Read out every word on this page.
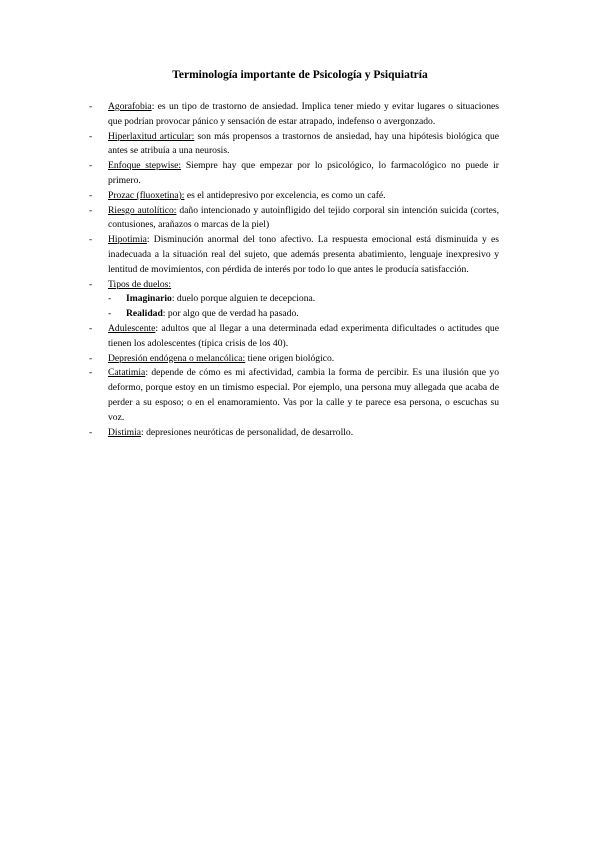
Terminología importante de Psicología y Psiquiatría
- Agorafobia: es un tipo de trastorno de ansiedad. Implica tener miedo y evitar lugares o situaciones que podrían provocar pánico y sensación de estar atrapado, indefenso o avergonzado.
- Hiperlaxitud articular: son más propensos a trastornos de ansiedad, hay una hipótesis biológica que antes se atribuía a una neurosis.
- Enfoque stepwise: Siempre hay que empezar por lo psicológico, lo farmacológico no puede ir primero.
- Prozac (fluoxetina): es el antidepresivo por excelencia, es como un café.
- Riesgo autolítico: daño intencionado y autoinfligido del tejido corporal sin intención suicida (cortes, contusiones, arañazos o marcas de la piel)
- Hipotimia: Disminución anormal del tono afectivo. La respuesta emocional está disminuida y es inadecuada a la situación real del sujeto, que además presenta abatimiento, lenguaje inexpresivo y lentitud de movimientos, con pérdida de interés por todo lo que antes le producía satisfacción.
- Tipos de duelos:
- Imaginario: duelo porque alguien te decepciona.
- Realidad: por algo que de verdad ha pasado.
- Adulescente: adultos que al llegar a una determinada edad experimenta dificultades o actitudes que tienen los adolescentes (típica crisis de los 40).
- Depresión endógena o melancólica: tiene origen biológico.
- Catatimia: depende de cómo es mi afectividad, cambia la forma de percibir. Es una ilusión que yo deformo, porque estoy en un timismo especial. Por ejemplo, una persona muy allegada que acaba de perder a su esposo; o en el enamoramiento. Vas por la calle y te parece esa persona, o escuchas su voz.
- Distimia: depresiones neuróticas de personalidad, de desarrollo.
